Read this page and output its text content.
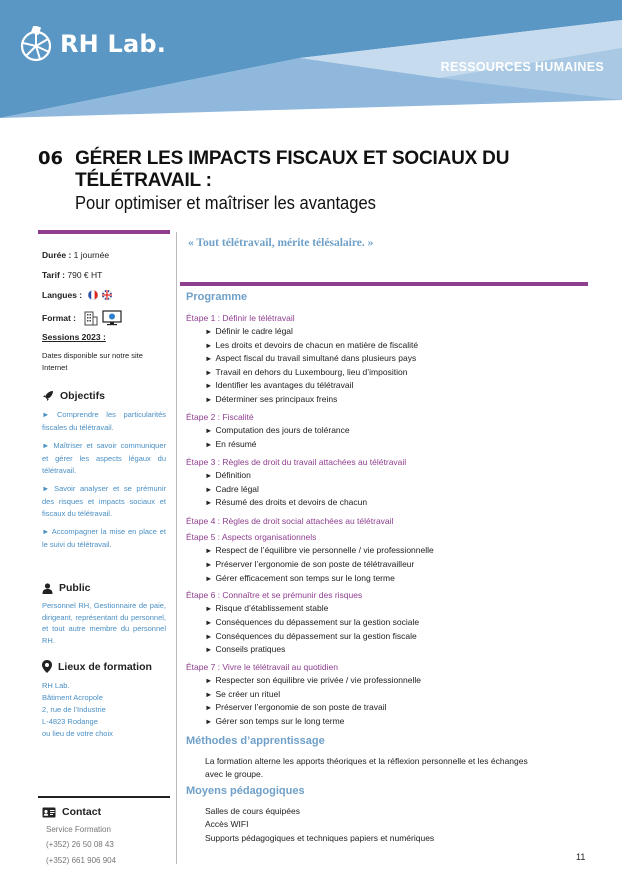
RH Lab.
RESSOURCES HUMAINES
06 GÉRER LES IMPACTS FISCAUX ET SOCIAUX DU TÉLÉTRAVAIL :
Pour optimiser et maîtriser les avantages
Durée : 1 journée
Tarif : 790 € HT
Langues :
Format :
Sessions 2023 :
Dates disponible sur notre site Internet
Objectifs
► Comprendre les particularités fiscales du télétravail.
► Maîtriser et savoir communiquer et gérer les aspects légaux du télétravail.
► Savoir analyser et se prémunir des risques et impacts sociaux et fiscaux du télétravail.
► Accompagner la mise en place et le suivi du télétravail.
Public
Personnel RH, Gestionnaire de paie, dirigeant, représentant du personnel, et tout autre membre du personnel RH.
Lieux de formation
RH Lab.
Bâtiment Acropole
2, rue de l’Industrie
L-4823 Rodange
ou lieu de votre choix
Contact
Service Formation
(+352) 26 50 08 43
(+352) 661 906 904
« Tout télétravail, mérite télésalaire. »
Programme
Étape 1 : Définir le télétravail
► Définir le cadre légal
► Les droits et devoirs de chacun en matière de fiscalité
► Aspect fiscal du travail simultané dans plusieurs pays
► Travail en dehors du Luxembourg, lieu d’imposition
► Identifier les avantages du télétravail
► Déterminer ses principaux freins
Étape 2 : Fiscalité
► Computation des jours de tolérance
► En résumé
Étape 3 : Règles de droit du travail attachées au télétravail
► Définition
► Cadre légal
► Résumé des droits et devoirs de chacun
Étape 4 : Règles de droit social attachées au télétravail
Étape 5 : Aspects organisationnels
► Respect de l’équilibre vie personnelle / vie professionnelle
► Préserver l’ergonomie de son poste de télétravailleur
► Gérer efficacement son temps sur le long terme
Étape 6 : Connaître et se prémunir des risques
► Risque d’établissement stable
► Conséquences du dépassement sur la gestion sociale
► Conséquences du dépassement sur la gestion fiscale
► Conseils pratiques
Étape 7 : Vivre le télétravail au quotidien
► Respecter son équilibre vie privée / vie professionnelle
► Se créer un rituel
► Préserver l’ergonomie de son poste de travail
► Gérer son temps sur le long terme
Méthodes d’apprentissage
La formation alterne les apports théoriques et la réflexion personnelle et les échanges
avec le groupe.
Moyens pédagogiques
Salles de cours équipées
Accès WIFI
Supports pédagogiques et techniques papiers et numériques
11
